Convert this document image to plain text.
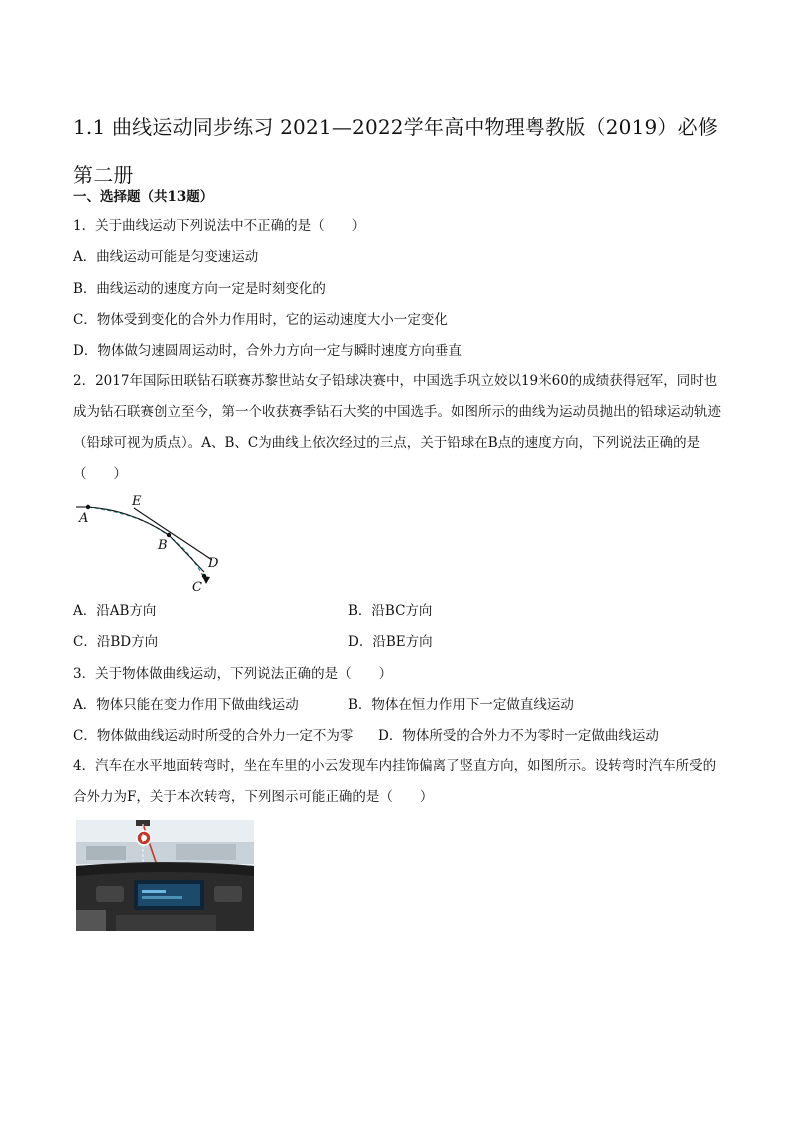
1.1 曲线运动同步练习 2021—2022学年高中物理粤教版（2019）必修第二册
一、选择题（共13题）
1．关于曲线运动下列说法中不正确的是（　　）
A．曲线运动可能是匀变速运动
B．曲线运动的速度方向一定是时刻变化的
C．物体受到变化的合外力作用时，它的运动速度大小一定变化
D．物体做匀速圆周运动时，合外力方向一定与瞬时速度方向垂直
2．2017年国际田联钻石联赛苏黎世站女子铅球决赛中，中国选手巩立姣以19米60的成绩获得冠军，同时也成为钻石联赛创立至今，第一个收获赛季钻石大奖的中国选手。如图所示的曲线为运动员抛出的铅球运动轨迹（铅球可视为质点）。A、B、C为曲线上依次经过的三点，关于铅球在B点的速度方向，下列说法正确的是（　　）
E
A
B
D
C
A．沿AB方向	B．沿BC方向
C．沿BD方向	D．沿BE方向
3．关于物体做曲线运动，下列说法正确的是（　　）
A．物体只能在变力作用下做曲线运动	B．物体在恒力作用下一定做直线运动
C．物体做曲线运动时所受的合外力一定不为零 D．物体所受的合外力不为零时一定做曲线运动
4．汽车在水平地面转弯时，坐在车里的小云发现车内挂饰偏离了竖直方向，如图所示。设转弯时汽车所受的合外力为F，关于本次转弯，下列图示可能正确的是（　　）
